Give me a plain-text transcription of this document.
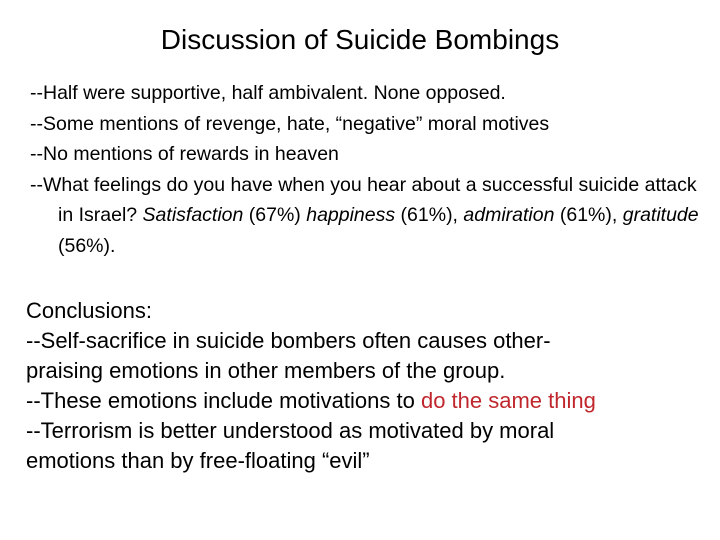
Discussion of Suicide Bombings
--Half were supportive, half ambivalent. None opposed.
--Some mentions of revenge, hate, “negative” moral motives
--No mentions of rewards in heaven
--What feelings do you have when you hear about a successful suicide attack in Israel? Satisfaction (67%) happiness (61%), admiration (61%), gratitude (56%).
Conclusions:
--Self-sacrifice in suicide bombers often causes other-
praising emotions in other members of the group.
--These emotions include motivations to do the same thing
--Terrorism is better understood as motivated by moral
emotions than by free-floating “evil”
